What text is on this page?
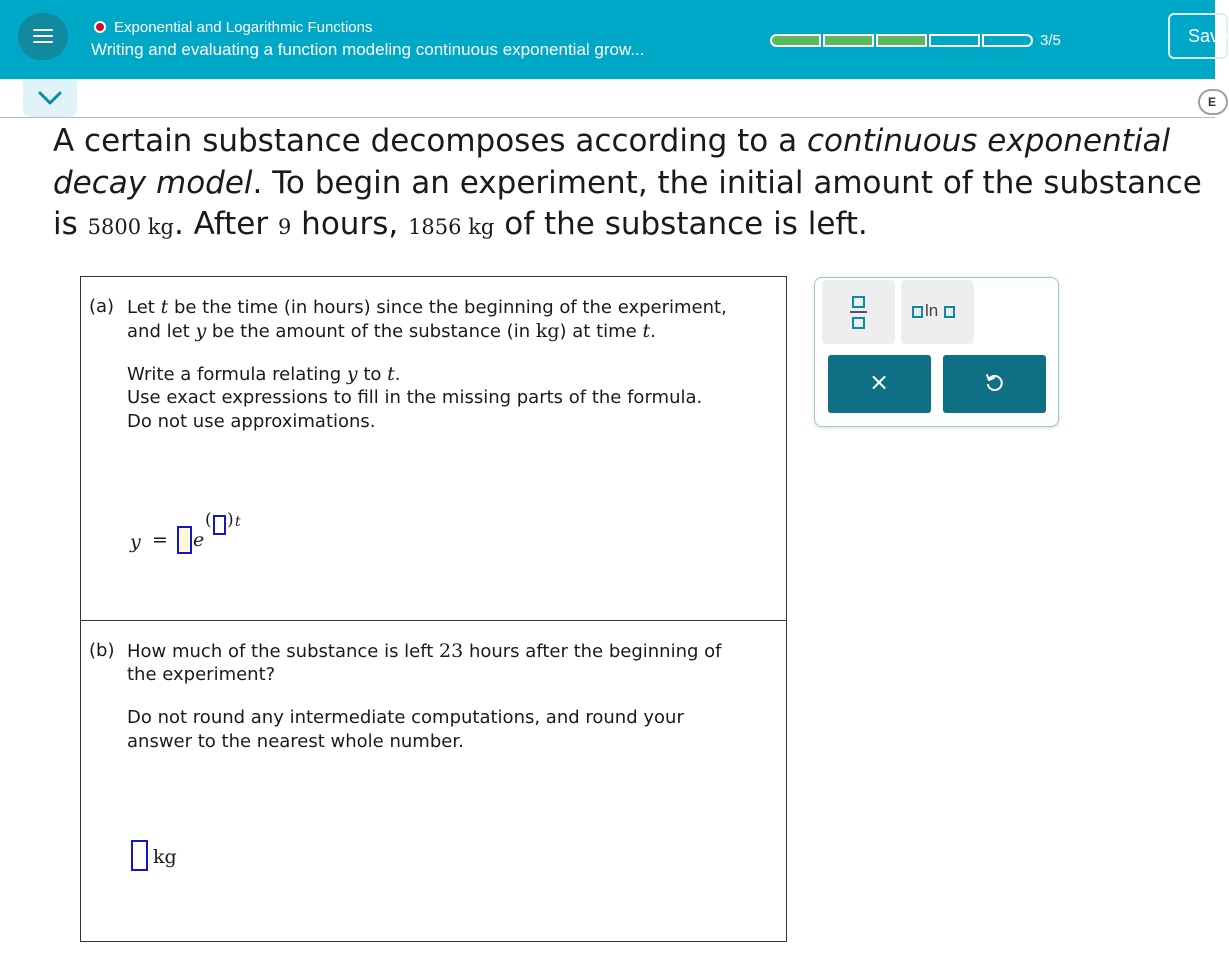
Exponential and Logarithmic Functions
Writing and evaluating a function modeling continuous exponential grow...	3/5	Save
E
A certain substance decomposes according to a continuous exponential decay model. To begin an experiment, the initial amount of the substance is 5800 kg. After 9 hours, 1856 kg of the substance is left.
(a) Let t be the time (in hours) since the beginning of the experiment,
and let y be the amount of the substance (in kg) at time t.
Write a formula relating y to t.
Use exact expressions to fill in the missing parts of the formula.
Do not use approximations.
y = e
( ) t
(b) How much of the substance is left 23 hours after the beginning of
the experiment?
Do not round any intermediate computations, and round your
answer to the nearest whole number.
kg
ln
×
